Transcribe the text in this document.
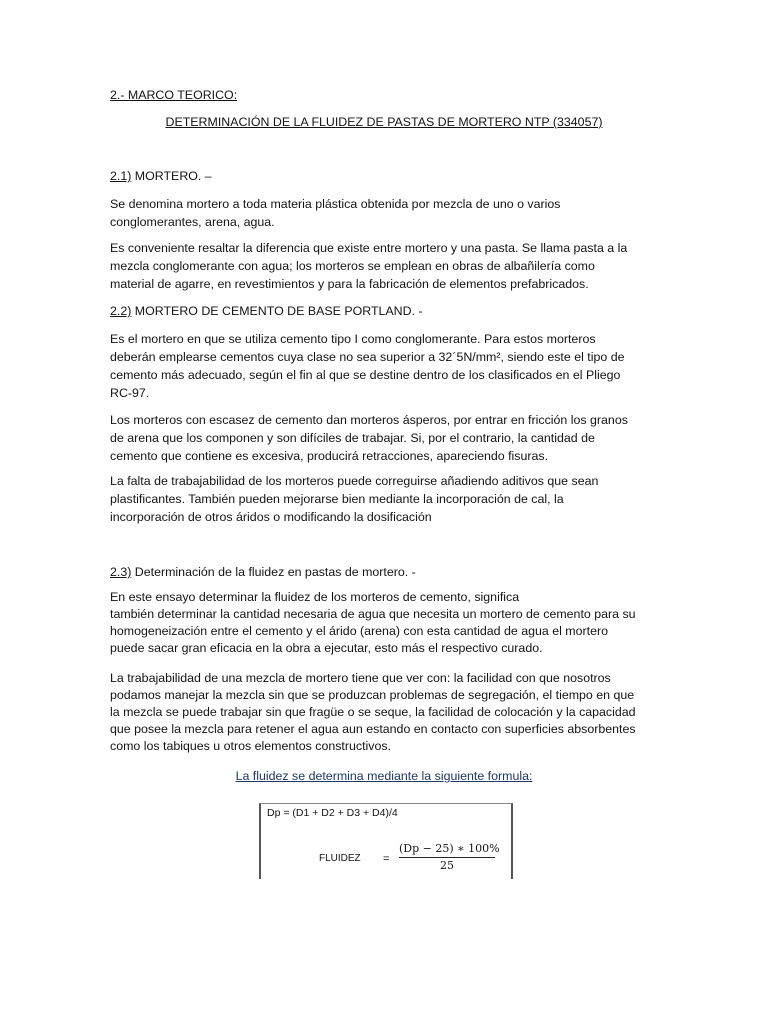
2.- MARCO TEORICO:

DETERMINACIÓN DE LA FLUIDEZ DE PASTAS DE MORTERO NTP (334057)

2.1) MORTERO. –

Se denomina mortero a toda materia plástica obtenida por mezcla de uno o varios
conglomerantes, arena, agua.
Es conveniente resaltar la diferencia que existe entre mortero y una pasta. Se llama pasta a la
mezcla conglomerante con agua; los morteros se emplean en obras de albañilería como
material de agarre, en revestimientos y para la fabricación de elementos prefabricados.

2.2) MORTERO DE CEMENTO DE BASE PORTLAND. -

Es el mortero en que se utiliza cemento tipo I como conglomerante. Para estos morteros
deberán emplearse cementos cuya clase no sea superior a 32´5N/mm², siendo este el tipo de
cemento más adecuado, según el fin al que se destine dentro de los clasificados en el Pliego
RC-97.
Los morteros con escasez de cemento dan morteros ásperos, por entrar en fricción los granos
de arena que los componen y son difíciles de trabajar. Si, por el contrario, la cantidad de
cemento que contiene es excesiva, producirá retracciones, apareciendo fisuras.
La falta de trabajabilidad de los morteros puede correguirse añadiendo aditivos que sean
plastificantes. También pueden mejorarse bien mediante la incorporación de cal, la
incorporación de otros áridos o modificando la dosificación

2.3) Determinación de la fluidez en pastas de mortero. -

En este ensayo determinar la fluidez de los morteros de cemento, significa
también determinar la cantidad necesaria de agua que necesita un mortero de cemento para su
homogeneización entre el cemento y el árido (arena) con esta cantidad de agua el mortero
puede sacar gran eficacia en la obra a ejecutar, esto más el respectivo curado.
La trabajabilidad de una mezcla de mortero tiene que ver con: la facilidad con que nosotros
podamos manejar la mezcla sin que se produzcan problemas de segregación, el tiempo en que
la mezcla se puede trabajar sin que fragüe o se seque, la facilidad de colocación y la capacidad
que posee la mezcla para retener el agua aun estando en contacto con superficies absorbentes
como los tabiques u otros elementos constructivos.

La fluidez se determina mediante la siguiente formula:

Dp = (D1 + D2 + D3 + D4)/4
FLUIDEZ = $\frac{(Dp - 25) ∗ 100\%}{25}$
